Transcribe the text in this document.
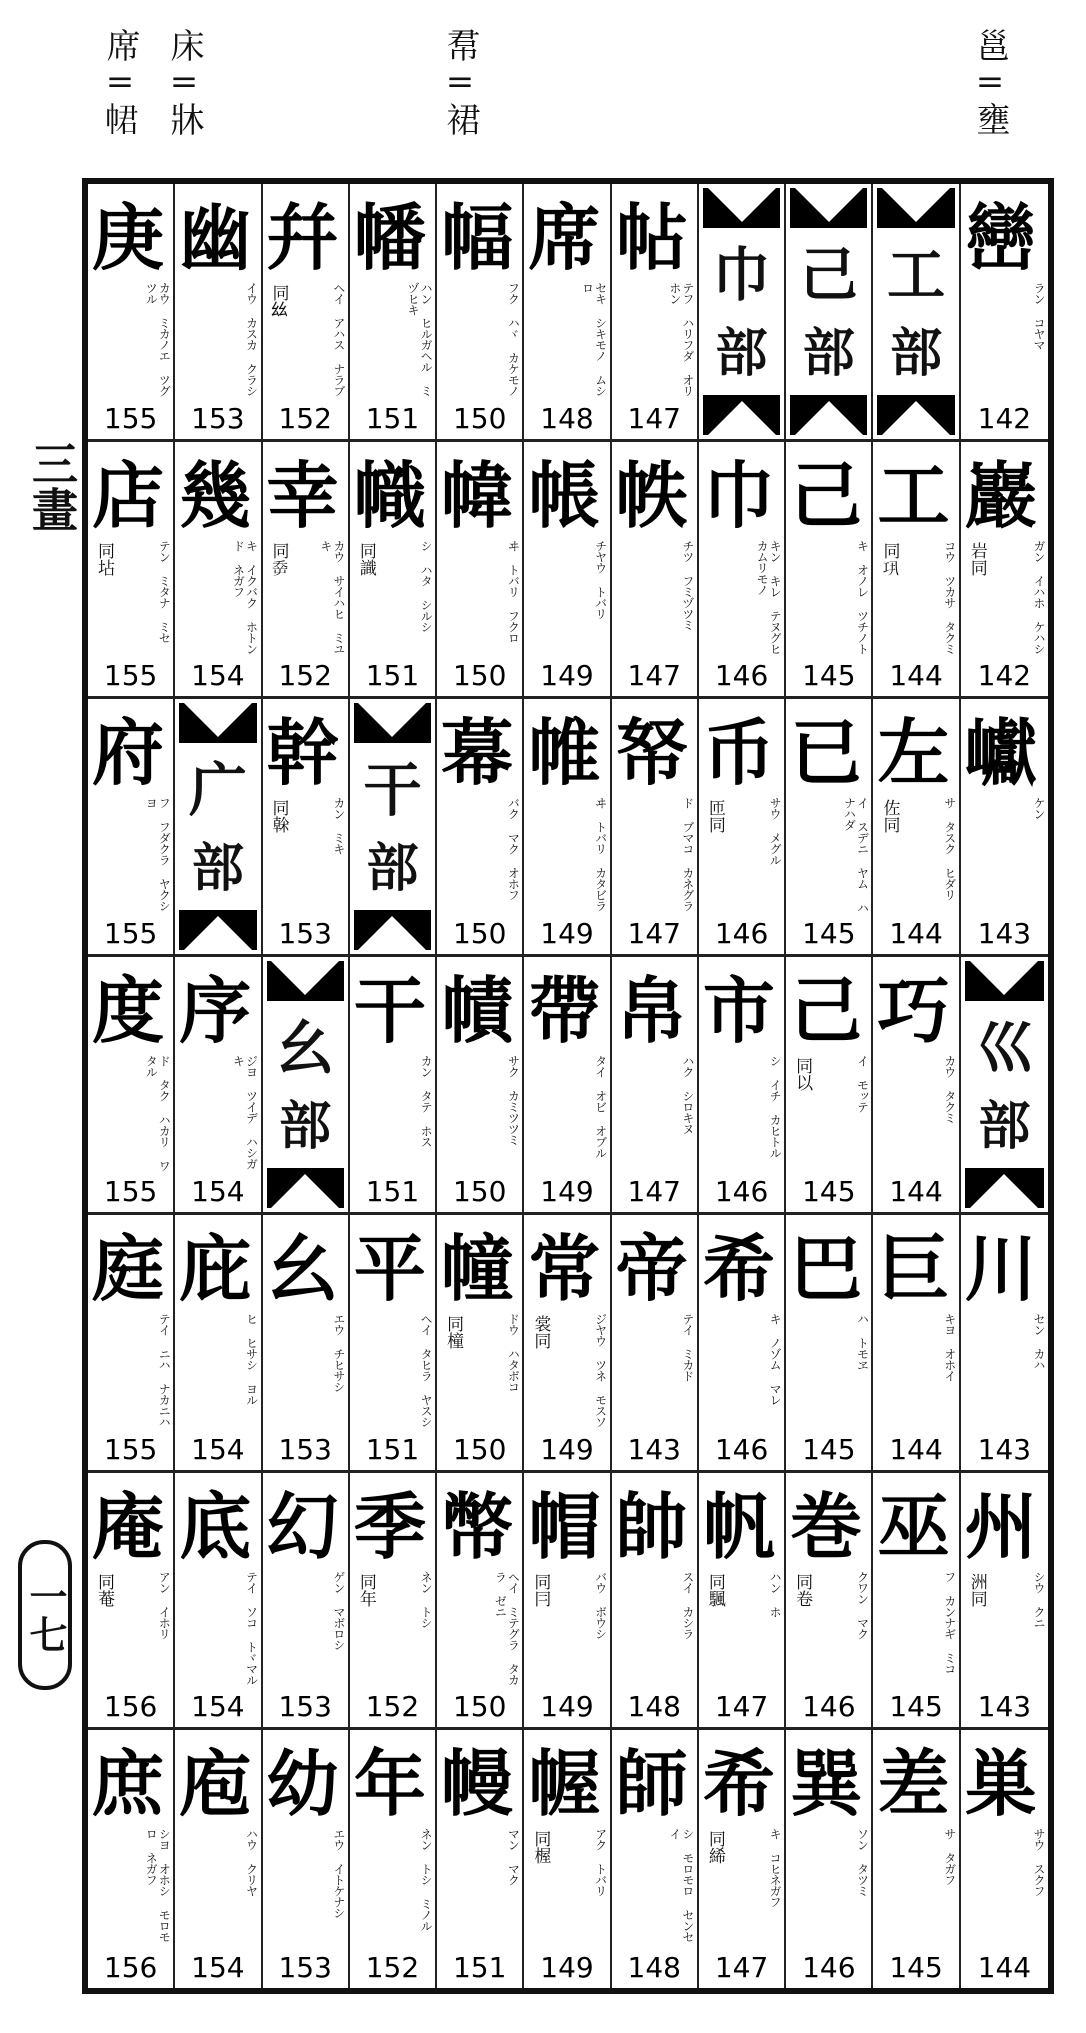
席=𢂽 床=牀	帬=裙	邕=壅
三畫
一七
庚
カウ ミカノエ ツグ ツル
155
幽
イウ カスカ クラシ
153
幷
ヘイ アハス ナラブ
同𢆶
152
幡
ハン ヒルガヘル ミヅヒキ
151
幅
フク ハヾ カケモノ
150
席
セキ シキモノ ムシロ
148
帖
テフ ハリフダ オリホン
147
巾
部
己
部
工
部
巒
ラン コヤマ
142
店
テン ミタナ ミセ
同坫
155
幾
キ イクバク ホトンド ネガフ
154
幸
カウ サイハヒ ミユキ
同𡴘
152
幟
シ ハタ シルシ
同識
151
幃
ヰ トバリ フクロ
150
帳
チヤウ トバリ
149
帙
チツ フミヅツミ
147
巾
キン キレ テヌグヒ カムリモノ
146
己
キ オノレ ツチノト
145
工
コウ ツカサ タクミ
同𢀜
144
巖
ガン イハホ ケハシ
岩同
142
府
フ フダクラ ヤクシヨ
155
广
部
幹
カン ミキ
同榦
153
干
部
幕
バク マク オホフ
150
帷
ヰ トバリ カタビラ
149
帑
ド ブマコ カネグラ
147
币
サウ メグル
匝同
146
已
イ スデニ ヤム ハナハダ
145
左
サ タスク ヒダリ
佐同
144
巘
ケン
143
度
ド タク ハカリ ワタル
155
序
ジヨ ツイデ ハシガキ
154
幺
部
干
カン タテ ホス
151
幘
サク カミツツミ
150
帶
タイ オビ オブル
149
帛
ハク シロキヌ
147
市
シ イチ カヒトル
146
己
イ モッテ
同以
145
巧
カウ タクミ
144
巛
部
庭
テイ ニハ ナカニハ
155
庇
ヒ ヒサシ ヨル
154
幺
エウ チヒサシ
153
平
ヘイ タヒラ ヤスシ
151
幢
ドウ ハタボコ
同橦
150
常
ジヤウ ツネ モスソ
裳同
149
帝
テイ ミカド
143
希
キ ノゾム マレ
146
巴
ハ トモヱ
145
巨
キヨ オホイ
144
川
セン カハ
143
庵
アン イホリ
同菴
156
底
テイ ソコ トヾマル
154
幻
ゲン マボロシ
153
季
ネン トシ
同年
152
幣
ヘイ ミテグラ タカラ ゼニ
150
帽
バウ ボウシ
同冃
149
帥
スイ カシラ
148
帆
ハン ホ
同颿
147
巻
クワン マク
同卷
146
巫
フ カンナギ ミコ
145
州
シウ クニ
洲同
143
庶
シヨ オホシ モロモロ ネガフ
156
庖
ハウ クリヤ
154
幼
エウ イトケナシ
153
年
ネン トシ ミノル
152
幔
マン マク
151
幄
アク トバリ
同楃
149
師
シ モロモロ センセイ
148
希
キ コヒネガフ
同絺
147
巽
ソン タツミ
146
差
サ タガフ
145
巣
サウ スクフ
144
